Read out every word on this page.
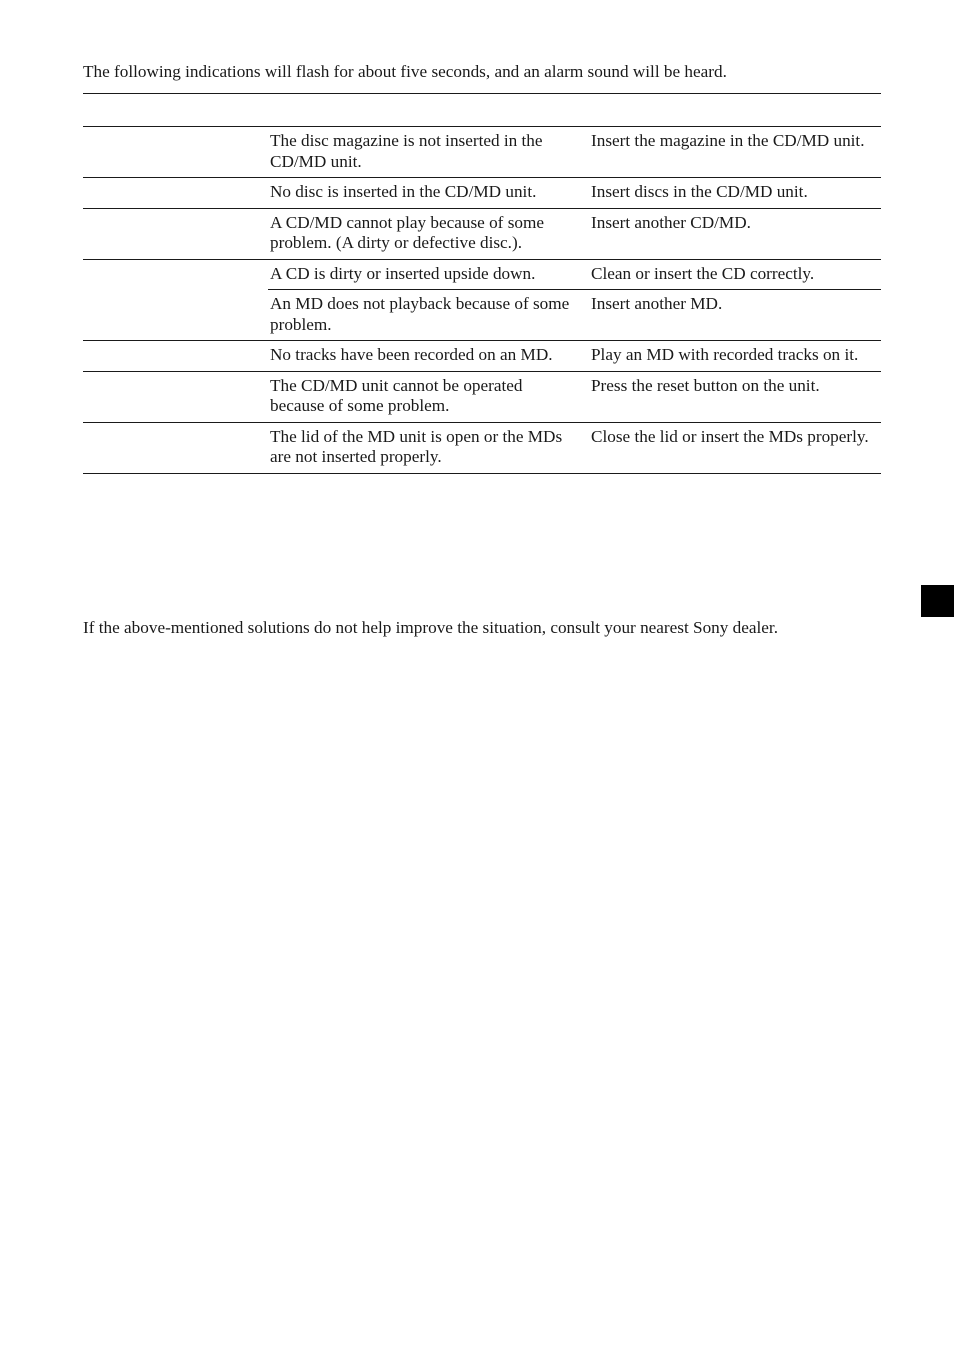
The following indications will flash for about five seconds, and an alarm sound will be heard.

	The disc magazine is not inserted in the CD/MD unit.	Insert the magazine in the CD/MD unit.
	No disc is inserted in the CD/MD unit.	Insert discs in the CD/MD unit.
	A CD/MD cannot play because of some problem. (A dirty or defective disc.).	Insert another CD/MD.
	A CD is dirty or inserted upside down.	Clean or insert the CD correctly.
	An MD does not playback because of some problem.	Insert another MD.
	No tracks have been recorded on an MD.	Play an MD with recorded tracks on it.
	The CD/MD unit cannot be operated because of some problem.	Press the reset button on the unit.
	The lid of the MD unit is open or the MDs are not inserted properly.	Close the lid or insert the MDs properly.

If the above-mentioned solutions do not help improve the situation, consult your nearest Sony dealer.
